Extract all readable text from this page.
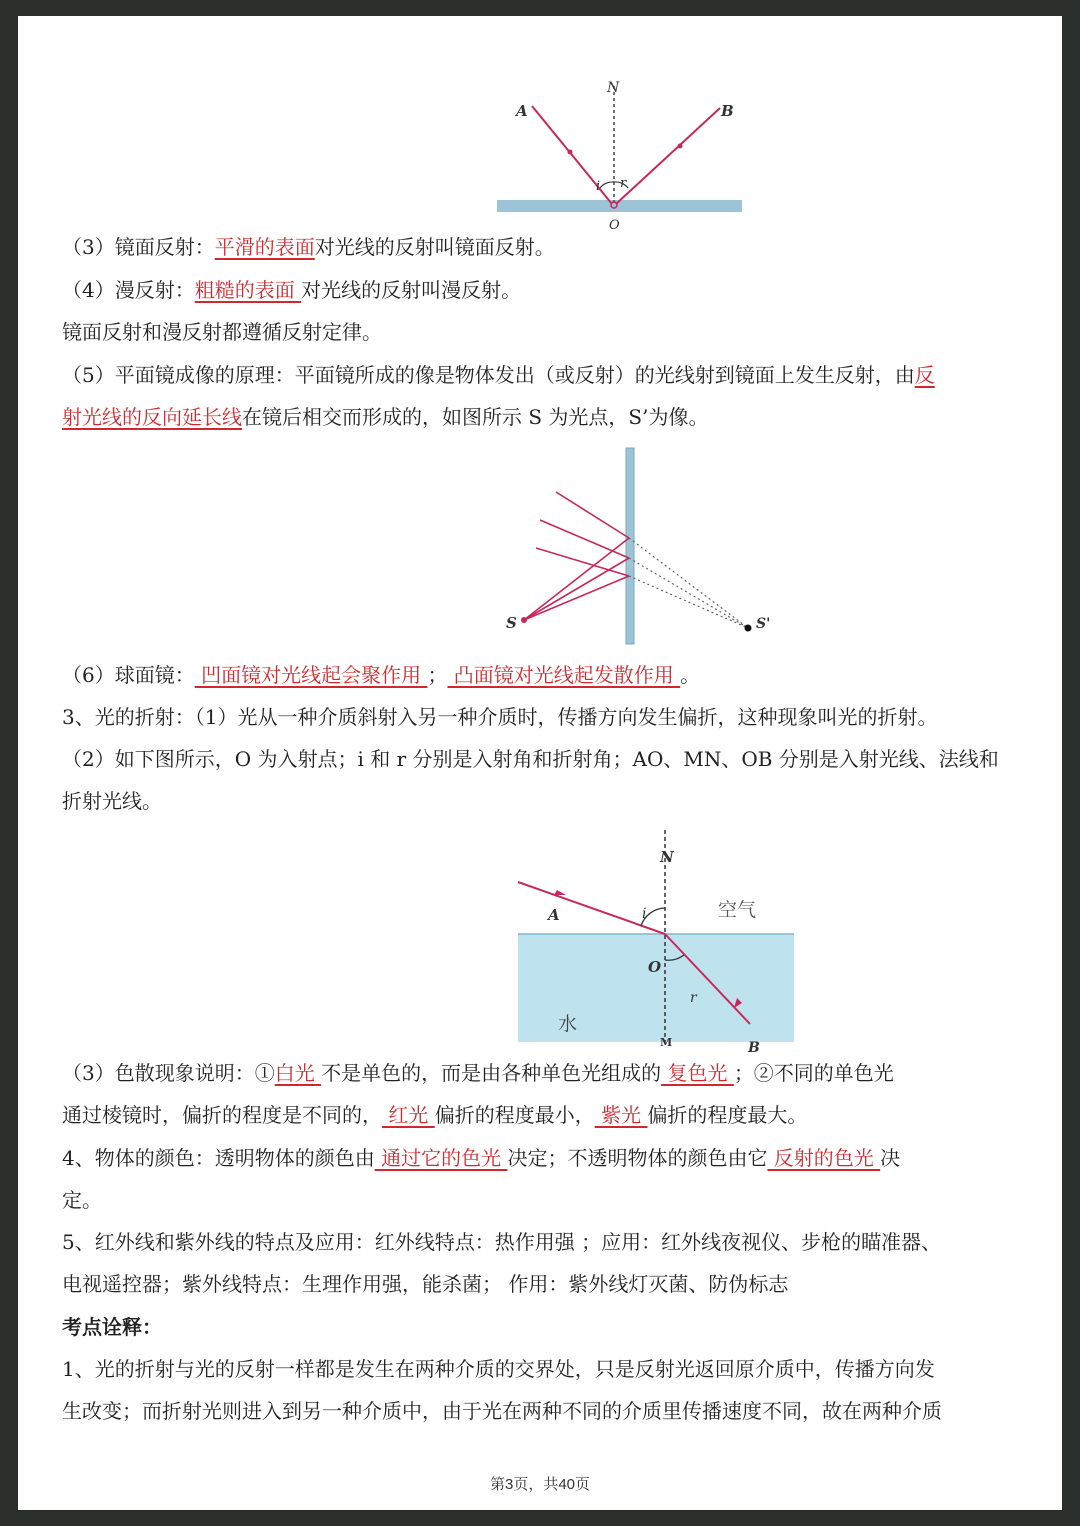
A	B
N
i r
O
（3）镜面反射：平滑的表面对光线的反射叫镜面反射。
（4）漫反射：粗糙的表面 对光线的反射叫漫反射。
镜面反射和漫反射都遵循反射定律。
（5）平面镜成像的原理：平面镜所成的像是物体发出（或反射）的光线射到镜面上发生反射，由反
射光线的反向延长线在镜后相交而形成的，如图所示 S 为光点，S’为像。
S	S'
（6）球面镜： 凹面镜对光线起会聚作用 ； 凸面镜对光线起发散作用 。
3、光的折射：（1）光从一种介质斜射入另一种介质时，传播方向发生偏折，这种现象叫光的折射。
（2）如下图所示，O 为入射点；i 和 r 分别是入射角和折射角；AO、MN、OB 分别是入射光线、法线和
折射光线。
N
A	i
O
r
B
M
空气
水
（3）色散现象说明：①白光 不是单色的，而是由各种单色光组成的 复色光 ；②不同的单色光
通过棱镜时，偏折的程度是不同的， 红光 偏折的程度最小， 紫光 偏折的程度最大。
4、物体的颜色：透明物体的颜色由 通过它的色光 决定；不透明物体的颜色由它 反射的色光 决
定。
5、红外线和紫外线的特点及应用：红外线特点：热作用强 ；应用：红外线夜视仪、步枪的瞄准器、
电视遥控器；紫外线特点：生理作用强，能杀菌； 作用：紫外线灯灭菌、防伪标志
考点诠释：
1、光的折射与光的反射一样都是发生在两种介质的交界处，只是反射光返回原介质中，传播方向发
生改变；而折射光则进入到另一种介质中，由于光在两种不同的介质里传播速度不同，故在两种介质
第3页，共40页
